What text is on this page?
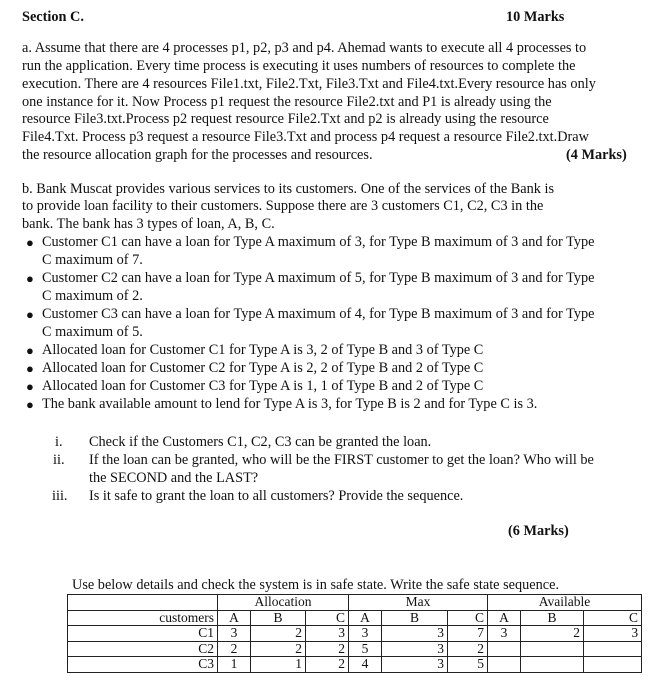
Section C.	10 Marks
a. Assume that there are 4 processes p1, p2, p3 and p4. Ahemad wants to execute all 4 processes to
run the application. Every time process is executing it uses numbers of resources to complete the
execution. There are 4 resources File1.txt, File2.Txt, File3.Txt and File4.txt.Every resource has only
one instance for it. Now Process p1 request the resource File2.txt and P1 is already using the
resource File3.txt.Process p2 request resource File2.Txt and p2 is already using the resource
File4.Txt. Process p3 request a resource File3.Txt and process p4 request a resource File2.txt.Draw
the resource allocation graph for the processes and resources.	(4 Marks)
b. Bank Muscat provides various services to its customers. One of the services of the Bank is
to provide loan facility to their customers. Suppose there are 3 customers C1, C2, C3 in the
bank. The bank has 3 types of loan, A, B, C.
● Customer C1 can have a loan for Type A maximum of 3, for Type B maximum of 3 and for Type
C maximum of 7.
● Customer C2 can have a loan for Type A maximum of 5, for Type B maximum of 3 and for Type
C maximum of 2.
● Customer C3 can have a loan for Type A maximum of 4, for Type B maximum of 3 and for Type
C maximum of 5.
● Allocated loan for Customer C1 for Type A is 3, 2 of Type B and 3 of Type C
● Allocated loan for Customer C2 for Type A is 2, 2 of Type B and 2 of Type C
● Allocated loan for Customer C3 for Type A is 1, 1 of Type B and 2 of Type C
● The bank available amount to lend for Type A is 3, for Type B is 2 and for Type C is 3.
i. Check if the Customers C1, C2, C3 can be granted the loan.
ii. If the loan can be granted, who will be the FIRST customer to get the loan? Who will be
the SECOND and the LAST?
iii. Is it safe to grant the loan to all customers? Provide the sequence.
(6 Marks)
Use below details and check the system is in safe state. Write the safe state sequence.
	Allocation			Max			Available		
customers	A	B	C	A	B	C	A	B	C
C1	3	2	3	3	3	7	3	2	3
C2	2	2	2	5	3	2			
C3	1	1	2	4	3	5			
